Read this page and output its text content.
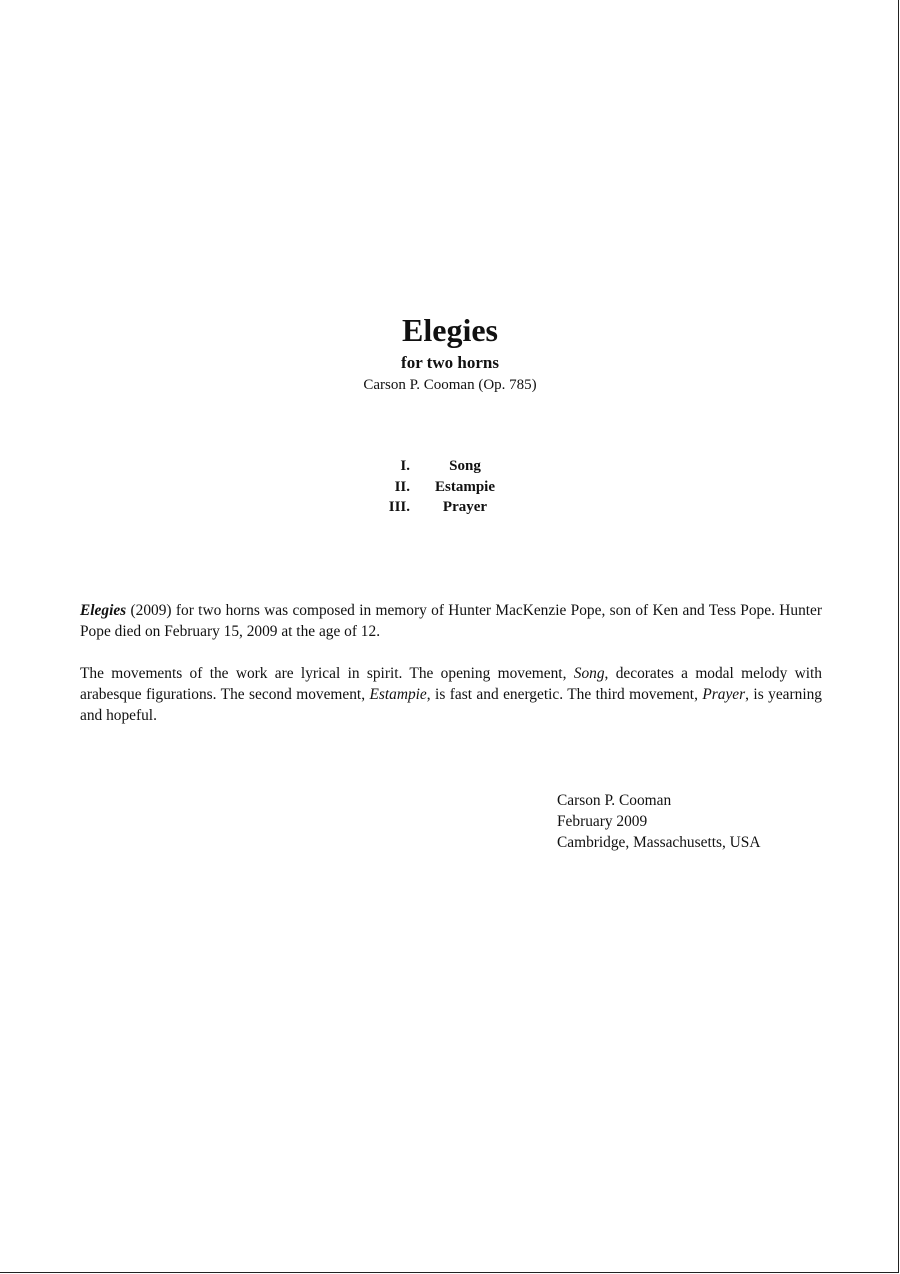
Elegies
for two horns
Carson P. Cooman (Op. 785)
I.	Song
II.	Estampie
III.	Prayer

Elegies (2009) for two horns was composed in memory of Hunter MacKenzie Pope, son of Ken and Tess Pope. Hunter Pope died on February 15, 2009 at the age of 12.

The movements of the work are lyrical in spirit. The opening movement, Song, decorates a modal melody with arabesque figurations. The second movement, Estampie, is fast and energetic. The third movement, Prayer, is yearning and hopeful.

Carson P. Cooman
February 2009
Cambridge, Massachusetts, USA
